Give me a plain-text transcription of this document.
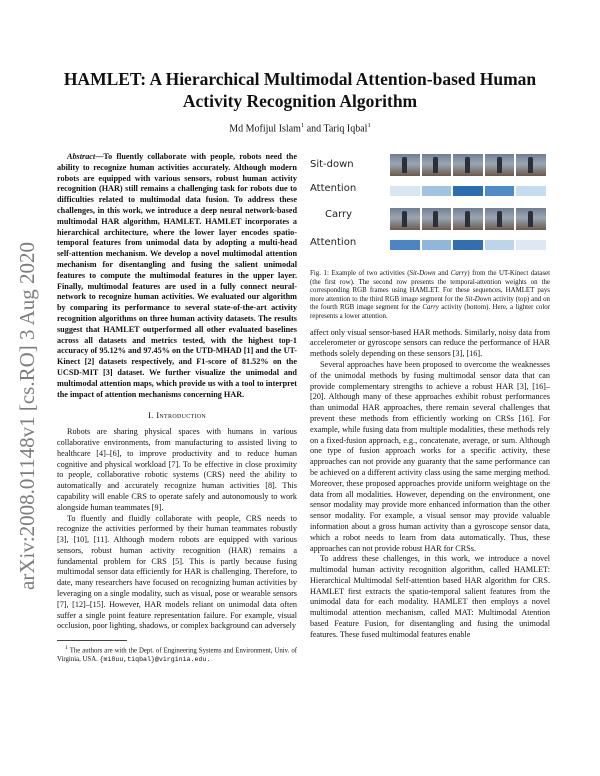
arXiv:2008.01148v1 [cs.RO] 3 Aug 2020
HAMLET: A Hierarchical Multimodal Attention-based Human Activity Recognition Algorithm
Md Mofijul Islam$^1$ and Tariq Iqbal$^1$

Abstract—To fluently collaborate with people, robots need the ability to recognize human activities accurately. Although modern robots are equipped with various sensors, robust human activity recognition (HAR) still remains a challenging task for robots due to difficulties related to multimodal data fusion. To address these challenges, in this work, we introduce a deep neural network-based multimodal HAR algorithm, HAMLET. HAMLET incorporates a hierarchical architecture, where the lower layer encodes spatio-temporal features from unimodal data by adopting a multi-head self-attention mechanism. We develop a novel multimodal attention mechanism for disentangling and fusing the salient unimodal features to compute the multimodal features in the upper layer. Finally, multimodal features are used in a fully connect neural-network to recognize human activities. We evaluated our algorithm by comparing its performance to several state-of-the-art activity recognition algorithms on three human activity datasets. The results suggest that HAMLET outperformed all other evaluated baselines across all datasets and metrics tested, with the highest top-1 accuracy of 95.12% and 97.45% on the UTD-MHAD [1] and the UT-Kinect [2] datasets respectively, and F1-score of 81.52% on the UCSD-MIT [3] dataset. We further visualize the unimodal and multimodal attention maps, which provide us with a tool to interpret the impact of attention mechanisms concerning HAR.

I. Introduction

Robots are sharing physical spaces with humans in various collaborative environments, from manufacturing to assisted living to healthcare [4]–[6], to improve productivity and to reduce human cognitive and physical workload [7]. To be effective in close proximity to people, collaborative robotic systems (CRS) need the ability to automatically and accurately recognize human activities [8]. This capability will enable CRS to operate safely and autonomously to work alongside human teammates [9].

To fluently and fluidly collaborate with people, CRS needs to recognize the activities performed by their human teammates robustly [3], [10], [11]. Although modern robots are equipped with various sensors, robust human activity recognition (HAR) remains a fundamental problem for CRS [5]. This is partly because fusing multimodal sensor data efficiently for HAR is challenging. Therefore, to date, many researchers have focused on recognizing human activities by leveraging on a single modality, such as visual, pose or wearable sensors [7], [12]–[15]. However, HAR models reliant on unimodal data often suffer a single point feature representation failure. For example, visual occlusion, poor lighting, shadows, or complex background can adversely

$^1$ The authors are with the Dept. of Engineering Systems and Environment, Univ. of Virginia, USA. {mi8uu,tiqbal}@virginia.edu.

Sit-down
Attention
Carry
Attention

Fig. 1: Example of two activities (Sit-Down and Carry) from the UT-Kinect dataset (the first row). The second row presents the temporal-attention weights on the corresponding RGB frames using HAMLET. For these sequences, HAMLET pays more attention to the third RGB image segment for the Sit-Down activity (top) and on the fourth RGB image segment for the Carry activity (bottom). Here, a lighter color represents a lower attention.

affect only visual sensor-based HAR methods. Similarly, noisy data from accelerometer or gyroscope sensors can reduce the performance of HAR methods solely depending on these sensors [3], [16].

Several approaches have been proposed to overcome the weaknesses of the unimodal methods by fusing multimodal sensor data that can provide complementary strengths to achieve a robust HAR [3], [16]–[20]. Although many of these approaches exhibit robust performances than unimodal HAR approaches, there remain several challenges that prevent these methods from efficiently working on CRSs [16]. For example, while fusing data from multiple modalities, these methods rely on a fixed-fusion approach, e.g., concatenate, average, or sum. Although one type of fusion approach works for a specific activity, these approaches can not provide any guaranty that the same performance can be achieved on a different activity class using the same merging method. Moreover, these proposed approaches provide uniform weightage on the data from all modalities. However, depending on the environment, one sensor modality may provide more enhanced information than the other sensor modality. For example, a visual sensor may provide valuable information about a gross human activity than a gyroscope sensor data, which a robot needs to learn from data automatically. Thus, these approaches can not provide robust HAR for CRSs.

To address these challenges, in this work, we introduce a novel multimodal human activity recognition algorithm, called HAMLET: Hierarchical Multimodal Self-attention based HAR algorithm for CRS. HAMLET first extracts the spatio-temporal salient features from the unimodal data for each modality. HAMLET then employs a novel multimodal attention mechanism, called MAT: Multimodal Atention based Feature Fusion, for disentangling and fusing the unimodal features. These fused multimodal features enable
